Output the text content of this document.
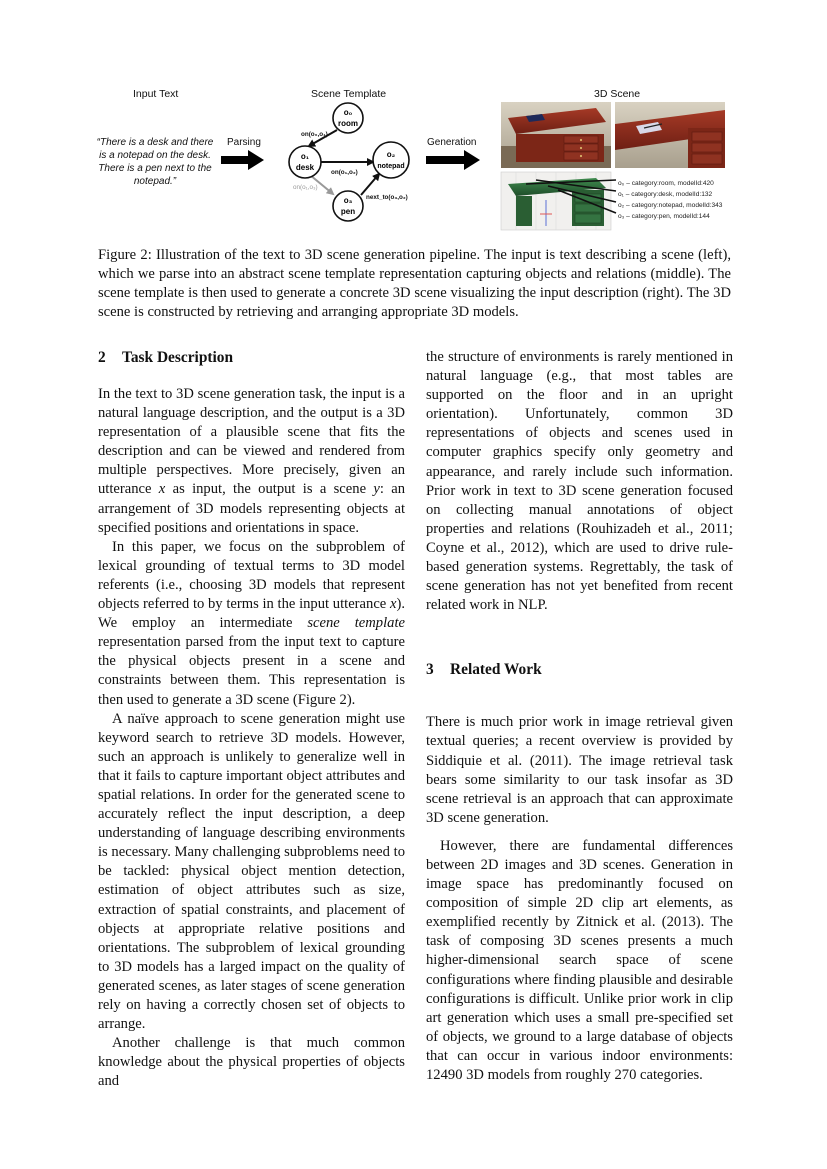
Input Text	Scene Template	3D Scene
“There is a desk and there is a notepad on the desk. There is a pen next to the notepad.”
Parsing
on(o₀,o₁)
on(o₁,o₂)
on(o₁,o₃)
next_to(o₃,o₂)
o₀
room
o₁
desk
o₂
notepad
o₃
pen
Generation
o₀ – category:room, modelId:420
o₁ – category:desk, modelId:132
o₂ – category:notepad, modelId:343
o₃ – category:pen, modelId:144
Figure 2: Illustration of the text to 3D scene generation pipeline. The input is text describing a scene (left), which we parse into an abstract scene template representation capturing objects and relations (middle). The scene template is then used to generate a concrete 3D scene visualizing the input description (right). The 3D scene is constructed by retrieving and arranging appropriate 3D models.
2 Task Description

In the text to 3D scene generation task, the input is a natural language description, and the output is a 3D representation of a plausible scene that fits the description and can be viewed and rendered from multiple perspectives. More precisely, given an utterance x as input, the output is a scene y: an arrangement of 3D models representing objects at specified positions and orientations in space.

In this paper, we focus on the subproblem of lexical grounding of textual terms to 3D model referents (i.e., choosing 3D models that represent objects referred to by terms in the input utterance x). We employ an intermediate scene template representation parsed from the input text to capture the physical objects present in a scene and constraints between them. This representation is then used to generate a 3D scene (Figure 2).

A naïve approach to scene generation might use keyword search to retrieve 3D models. However, such an approach is unlikely to generalize well in that it fails to capture important object attributes and spatial relations. In order for the generated scene to accurately reflect the input description, a deep understanding of language describing environments is necessary. Many challenging subproblems need to be tackled: physical object mention detection, estimation of object attributes such as size, extraction of spatial constraints, and placement of objects at appropriate relative positions and orientations. The subproblem of lexical grounding to 3D models has a larged impact on the quality of generated scenes, as later stages of scene generation rely on having a correctly chosen set of objects to arrange.

Another challenge is that much common knowledge about the physical properties of objects and

the structure of environments is rarely mentioned in natural language (e.g., that most tables are supported on the floor and in an upright orientation). Unfortunately, common 3D representations of objects and scenes used in computer graphics specify only geometry and appearance, and rarely include such information. Prior work in text to 3D scene generation focused on collecting manual annotations of object properties and relations (Rouhizadeh et al., 2011; Coyne et al., 2012), which are used to drive rule-based generation systems. Regrettably, the task of scene generation has not yet benefited from recent related work in NLP.

3 Related Work

There is much prior work in image retrieval given textual queries; a recent overview is provided by Siddiquie et al. (2011). The image retrieval task bears some similarity to our task insofar as 3D scene retrieval is an approach that can approximate 3D scene generation.

However, there are fundamental differences between 2D images and 3D scenes. Generation in image space has predominantly focused on composition of simple 2D clip art elements, as exemplified recently by Zitnick et al. (2013). The task of composing 3D scenes presents a much higher-dimensional search space of scene configurations where finding plausible and desirable configurations is difficult. Unlike prior work in clip art generation which uses a small pre-specified set of objects, we ground to a large database of objects that can occur in various indoor environments: 12490 3D models from roughly 270 categories.
